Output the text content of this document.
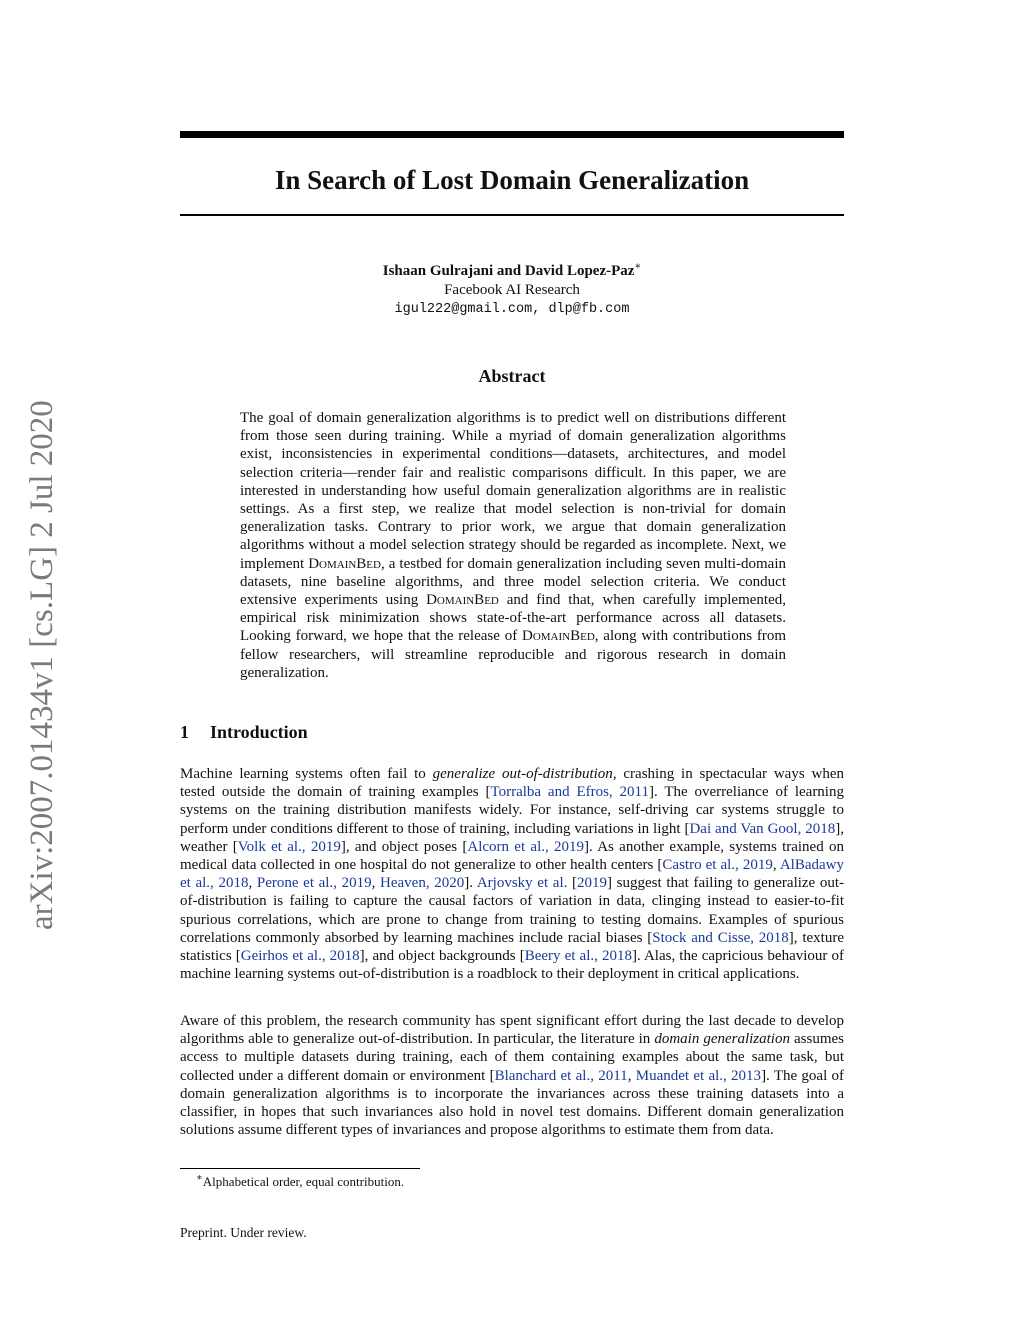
arXiv:2007.01434v1 [cs.LG] 2 Jul 2020
In Search of Lost Domain Generalization
Ishaan Gulrajani and David Lopez-Paz∗
Facebook AI Research
igul222@gmail.com, dlp@fb.com
Abstract

The goal of domain generalization algorithms is to predict well on distributions different from those seen during training. While a myriad of domain generalization algorithms exist, inconsistencies in experimental conditions—datasets, architectures, and model selection criteria—render fair and realistic comparisons difficult. In this paper, we are interested in understanding how useful domain generalization algorithms are in realistic settings. As a first step, we realize that model selection is non-trivial for domain generalization tasks. Contrary to prior work, we argue that domain generalization algorithms without a model selection strategy should be regarded as incomplete. Next, we implement DomainBed, a testbed for domain generalization including seven multi-domain datasets, nine baseline algorithms, and three model selection criteria. We conduct extensive experiments using DomainBed and find that, when carefully implemented, empirical risk minimization shows state-of-the-art performance across all datasets. Looking forward, we hope that the release of DomainBed, along with contributions from fellow researchers, will streamline reproducible and rigorous research in domain generalization.

1 Introduction

Machine learning systems often fail to generalize out-of-distribution, crashing in spectacular ways when tested outside the domain of training examples [Torralba and Efros, 2011]. The overreliance of learning systems on the training distribution manifests widely. For instance, self-driving car systems struggle to perform under conditions different to those of training, including variations in light [Dai and Van Gool, 2018], weather [Volk et al., 2019], and object poses [Alcorn et al., 2019]. As another example, systems trained on medical data collected in one hospital do not generalize to other health centers [Castro et al., 2019, AlBadawy et al., 2018, Perone et al., 2019, Heaven, 2020]. Arjovsky et al. [2019] suggest that failing to generalize out-of-distribution is failing to capture the causal factors of variation in data, clinging instead to easier-to-fit spurious correlations, which are prone to change from training to testing domains. Examples of spurious correlations commonly absorbed by learning machines include racial biases [Stock and Cisse, 2018], texture statistics [Geirhos et al., 2018], and object backgrounds [Beery et al., 2018]. Alas, the capricious behaviour of machine learning systems out-of-distribution is a roadblock to their deployment in critical applications.

Aware of this problem, the research community has spent significant effort during the last decade to develop algorithms able to generalize out-of-distribution. In particular, the literature in domain generalization assumes access to multiple datasets during training, each of them containing examples about the same task, but collected under a different domain or environment [Blanchard et al., 2011, Muandet et al., 2013]. The goal of domain generalization algorithms is to incorporate the invariances across these training datasets into a classifier, in hopes that such invariances also hold in novel test domains. Different domain generalization solutions assume different types of invariances and propose algorithms to estimate them from data.

∗Alphabetical order, equal contribution.
Preprint. Under review.
